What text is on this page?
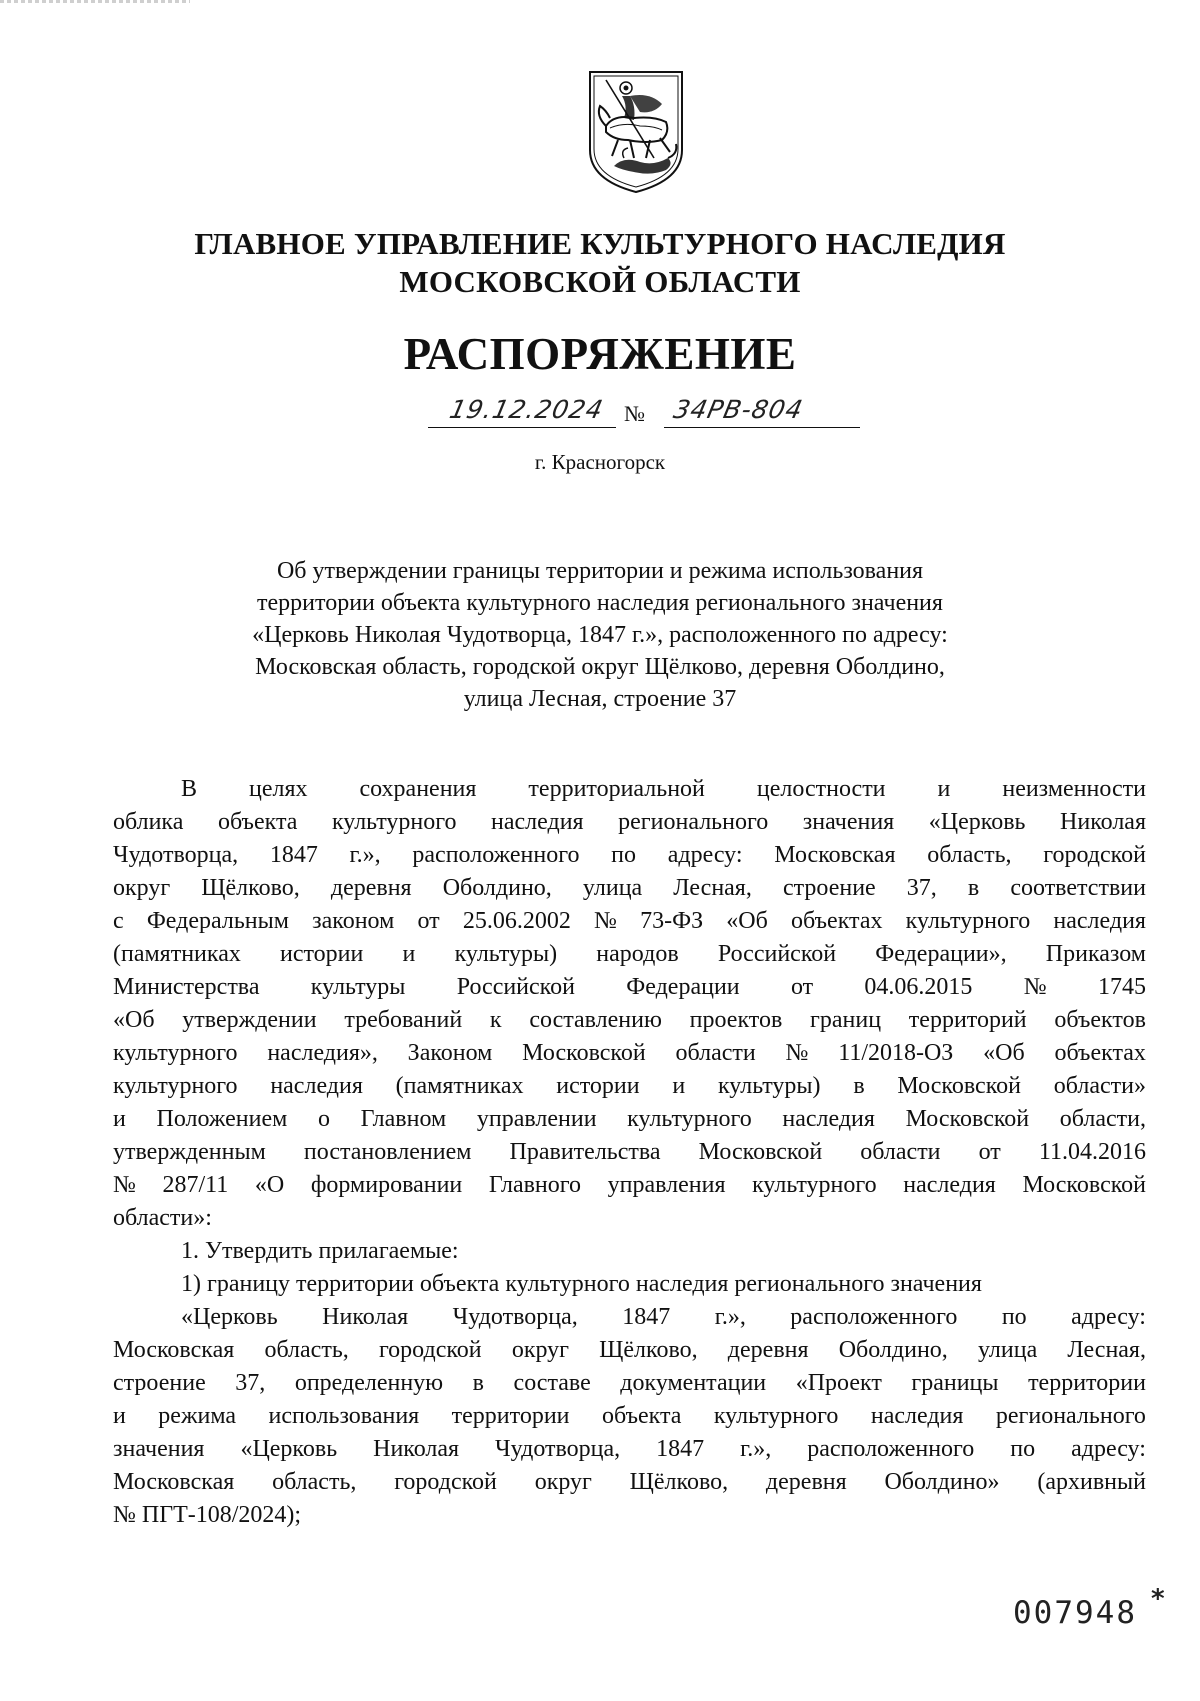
ГЛАВНОЕ УПРАВЛЕНИЕ КУЛЬТУРНОГО НАСЛЕДИЯ
МОСКОВСКОЙ ОБЛАСТИ
РАСПОРЯЖЕНИЕ
19.12.2024 № 34РВ-804
г. Красногорск
Об утверждении границы территории и режима использования
территории объекта культурного наследия регионального значения
«Церковь Николая Чудотворца, 1847 г.», расположенного по адресу:
Московская область, городской округ Щёлково, деревня Оболдино,
улица Лесная, строение 37
В целях сохранения территориальной целостности и неизменности
облика объекта культурного наследия регионального значения «Церковь Николая
Чудотворца, 1847 г.», расположенного по адресу: Московская область, городской
округ Щёлково, деревня Оболдино, улица Лесная, строение 37, в соответствии
с Федеральным законом от 25.06.2002 № 73-ФЗ «Об объектах культурного наследия
(памятниках истории и культуры) народов Российской Федерации», Приказом
Министерства культуры Российской Федерации от 04.06.2015 № 1745
«Об утверждении требований к составлению проектов границ территорий объектов
культурного наследия», Законом Московской области № 11/2018-ОЗ «Об объектах
культурного наследия (памятниках истории и культуры) в Московской области»
и Положением о Главном управлении культурного наследия Московской области,
утвержденным постановлением Правительства Московской области от 11.04.2016
№ 287/11 «О формировании Главного управления культурного наследия Московской
области»:
1. Утвердить прилагаемые:
1) границу территории объекта культурного наследия регионального значения
«Церковь Николая Чудотворца, 1847 г.», расположенного по адресу:
Московская область, городской округ Щёлково, деревня Оболдино, улица Лесная,
строение 37, определенную в составе документации «Проект границы территории
и режима использования территории объекта культурного наследия регионального
значения «Церковь Николая Чудотворца, 1847 г.», расположенного по адресу:
Московская область, городской округ Щёлково, деревня Оболдино» (архивный
№ ПГТ-108/2024);
007948 *
